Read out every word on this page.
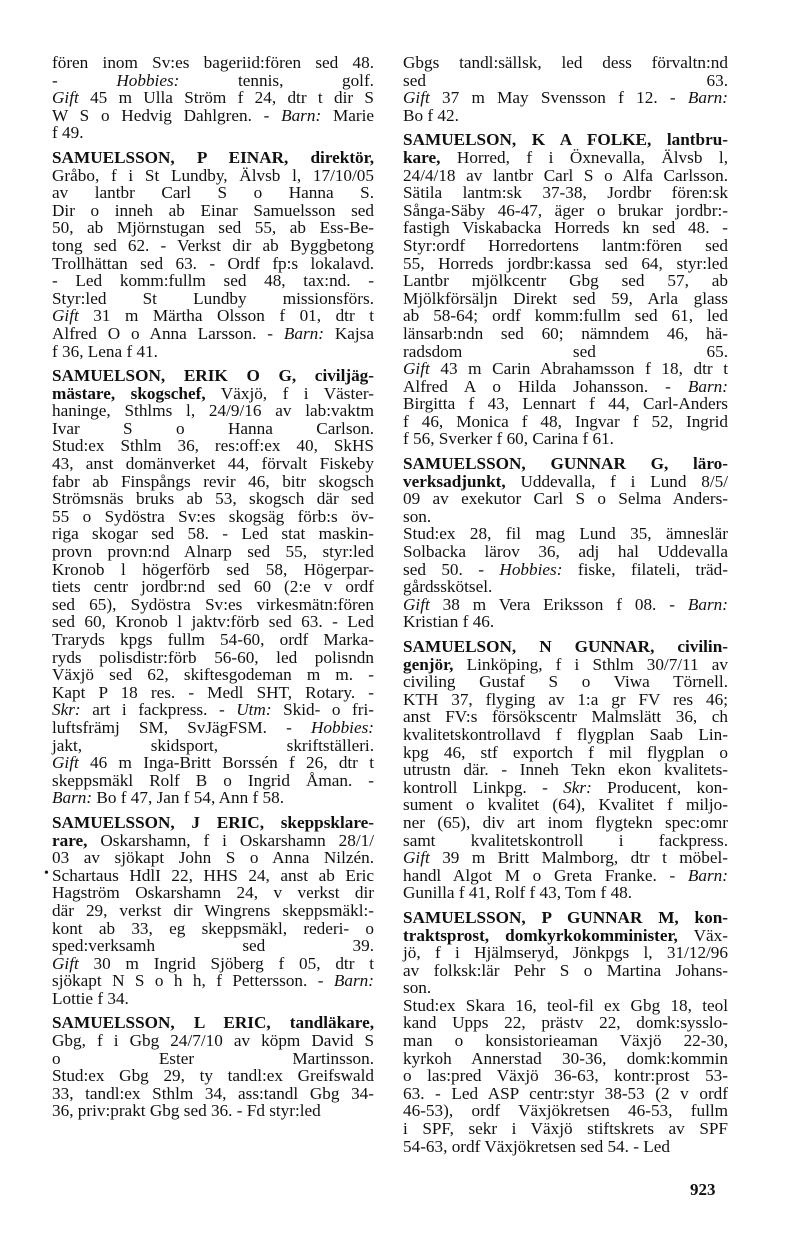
fören inom Sv:es bageriid:fören sed 48.
- Hobbies: tennis, golf.
Gift 45 m Ulla Ström f 24, dtr t dir S
W S o Hedvig Dahlgren. - Barn: Marie
f 49.
SAMUELSSON, P EINAR, direktör,
Gråbo, f i St Lundby, Älvsb l, 17/10/05
av lantbr Carl S o Hanna S.
Dir o inneh ab Einar Samuelsson sed
50, ab Mjörnstugan sed 55, ab Ess-Be-
tong sed 62. - Verkst dir ab Byggbetong
Trollhättan sed 63. - Ordf fp:s lokalavd.
- Led komm:fullm sed 48, tax:nd. -
Styr:led St Lundby missionsförs.
Gift 31 m Märtha Olsson f 01, dtr t
Alfred O o Anna Larsson. - Barn: Kajsa
f 36, Lena f 41.
SAMUELSON, ERIK O G, civiljäg-
mästare, skogschef, Växjö, f i Väster-
haninge, Sthlms l, 24/9/16 av lab:vaktm
Ivar S o Hanna Carlson.
Stud:ex Sthlm 36, res:off:ex 40, SkHS
43, anst domänverket 44, förvalt Fiskeby
fabr ab Finspångs revir 46, bitr skogsch
Strömsnäs bruks ab 53, skogsch där sed
55 o Sydöstra Sv:es skogsäg förb:s öv-
riga skogar sed 58. - Led stat maskin-
provn provn:nd Alnarp sed 55, styr:led
Kronob l högerförb sed 58, Högerpar-
tiets centr jordbr:nd sed 60 (2:e v ordf
sed 65), Sydöstra Sv:es virkesmätn:fören
sed 60, Kronob l jaktv:förb sed 63. - Led
Traryds kpgs fullm 54-60, ordf Marka-
ryds polisdistr:förb 56-60, led polisndn
Växjö sed 62, skiftesgodeman m m. -
Kapt P 18 res. - Medl SHT, Rotary. -
Skr: art i fackpress. - Utm: Skid- o fri-
luftsfrämj SM, SvJägFSM. - Hobbies:
jakt, skidsport, skriftställeri.
Gift 46 m Inga-Britt Borssén f 26, dtr t
skeppsmäkl Rolf B o Ingrid Åman. -
Barn: Bo f 47, Jan f 54, Ann f 58.
SAMUELSSON, J ERIC, skeppsklare-
rare, Oskarshamn, f i Oskarshamn 28/1/
03 av sjökapt John S o Anna Nilzén.
Schartaus HdlI 22, HHS 24, anst ab Eric
Hagström Oskarshamn 24, v verkst dir
där 29, verkst dir Wingrens skeppsmäkl:-
kont ab 33, eg skeppsmäkl, rederi- o
sped:verksamh sed 39.
Gift 30 m Ingrid Sjöberg f 05, dtr t
sjökapt N S o h h, f Pettersson. - Barn:
Lottie f 34.
SAMUELSSON, L ERIC, tandläkare,
Gbg, f i Gbg 24/7/10 av köpm David S
o Ester Martinsson.
Stud:ex Gbg 29, ty tandl:ex Greifswald
33, tandl:ex Sthlm 34, ass:tandl Gbg 34-
36, priv:prakt Gbg sed 36. - Fd styr:led
Gbgs tandl:sällsk, led dess förvaltn:nd
sed 63.
Gift 37 m May Svensson f 12. - Barn:
Bo f 42.
SAMUELSON, K A FOLKE, lantbru-
kare, Horred, f i Öxnevalla, Älvsb l,
24/4/18 av lantbr Carl S o Alfa Carlsson.
Sätila lantm:sk 37-38, Jordbr fören:sk
Sånga-Säby 46-47, äger o brukar jordbr:-
fastigh Viskabacka Horreds kn sed 48. -
Styr:ordf Horredortens lantm:fören sed
55, Horreds jordbr:kassa sed 64, styr:led
Lantbr mjölkcentr Gbg sed 57, ab
Mjölkförsäljn Direkt sed 59, Arla glass
ab 58-64; ordf komm:fullm sed 61, led
länsarb:ndn sed 60; nämndem 46, hä-
radsdom sed 65.
Gift 43 m Carin Abrahamsson f 18, dtr t
Alfred A o Hilda Johansson. - Barn:
Birgitta f 43, Lennart f 44, Carl-Anders
f 46, Monica f 48, Ingvar f 52, Ingrid
f 56, Sverker f 60, Carina f 61.
SAMUELSSON, GUNNAR G, läro-
verksadjunkt, Uddevalla, f i Lund 8/5/
09 av exekutor Carl S o Selma Anders-
son.
Stud:ex 28, fil mag Lund 35, ämneslär
Solbacka lärov 36, adj hal Uddevalla
sed 50. - Hobbies: fiske, filateli, träd-
gårdsskötsel.
Gift 38 m Vera Eriksson f 08. - Barn:
Kristian f 46.
SAMUELSON, N GUNNAR, civilin-
genjör, Linköping, f i Sthlm 30/7/11 av
civiling Gustaf S o Viwa Törnell.
KTH 37, flyging av 1:a gr FV res 46;
anst FV:s försökscentr Malmslätt 36, ch
kvalitetskontrollavd f flygplan Saab Lin-
kpg 46, stf exportch f mil flygplan o
utrustn där. - Inneh Tekn ekon kvalitets-
kontroll Linkpg. - Skr: Producent, kon-
sument o kvalitet (64), Kvalitet f miljo-
ner (65), div art inom flygtekn spec:omr
samt kvalitetskontroll i fackpress.
Gift 39 m Britt Malmborg, dtr t möbel-
handl Algot M o Greta Franke. - Barn:
Gunilla f 41, Rolf f 43, Tom f 48.
SAMUELSSON, P GUNNAR M, kon-
traktsprost, domkyrkokomminister, Väx-
jö, f i Hjälmseryd, Jönkpgs l, 31/12/96
av folksk:lär Pehr S o Martina Johans-
son.
Stud:ex Skara 16, teol-fil ex Gbg 18, teol
kand Upps 22, prästv 22, domk:sysslo-
man o konsistorieaman Växjö 22-30,
kyrkoh Annerstad 30-36, domk:kommin
o las:pred Växjö 36-63, kontr:prost 53-
63. - Led ASP centr:styr 38-53 (2 v ordf
46-53), ordf Växjökretsen 46-53, fullm
i SPF, sekr i Växjö stiftskrets av SPF
54-63, ordf Växjökretsen sed 54. - Led
•
923
